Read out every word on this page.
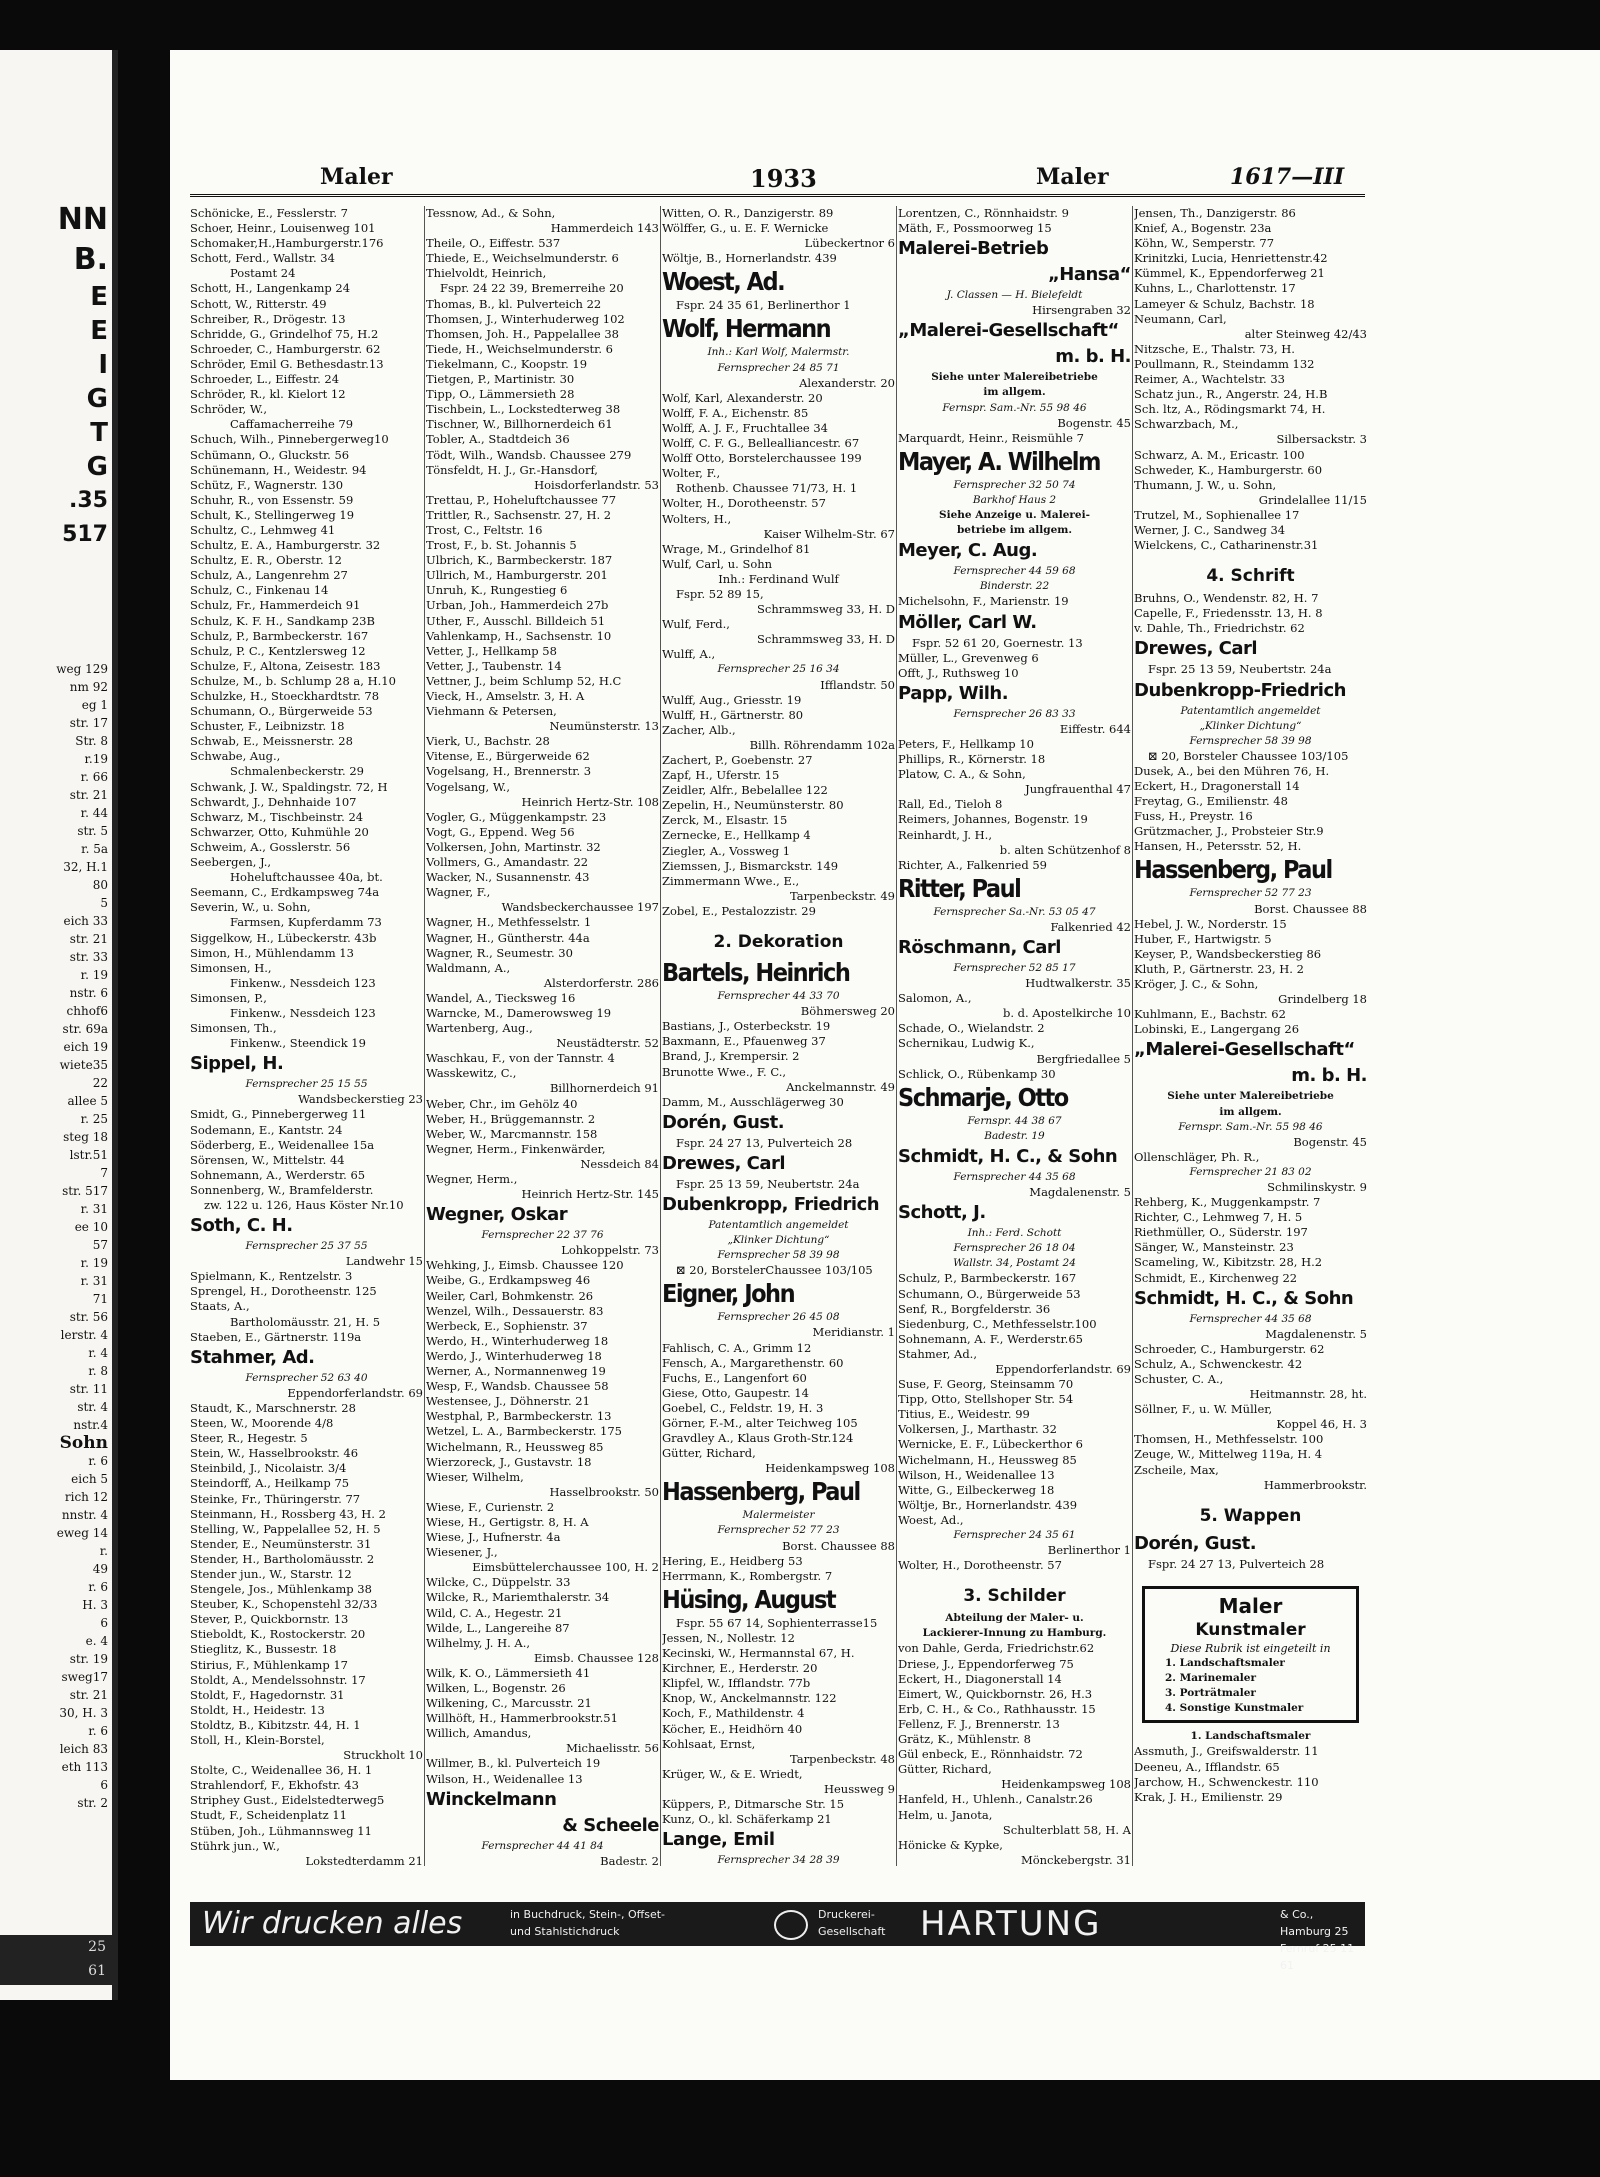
NN
B.
E
E
I
G
T
G
.35
517
weg 129
nm 92
eg 1
str. 17
Str. 8
r.19
r. 66
str. 21
r. 44
str. 5
r. 5a
32, H.1
80
5
eich 33
str. 21
str. 33
r. 19
nstr. 6
chhof6
str. 69a
eich 19
wiete35
22
allee 5
r. 25
steg 18
lstr.51
7
str. 517
r. 31
ee 10
57
r. 19
r. 31
71
str. 56
lerstr. 4
r. 4
r. 8
str. 11
str. 4
nstr.4
Sohn
r. 6
eich 5
rich 12
nnstr. 4
eweg 14
r.
49
r. 6
H. 3
6
e. 4
str. 19
sweg17
str. 21
30, H. 3
r. 6
leich 83
eth 113
6
str. 2
25
61
Maler	1933	Maler	1617—III
Schönicke, E., Fesslerstr. 7
Schoer, Heinr., Louisenweg 101
Schomaker,H.,Hamburgerstr.176
Schott, Ferd., Wallstr. 34
Postamt 24
Schott, H., Langenkamp 24
Schott, W., Ritterstr. 49
Schreiber, R., Drögestr. 13
Schridde, G., Grindelhof 75, H.2
Schroeder, C., Hamburgerstr. 62
Schröder, Emil G. Bethesdastr.13
Schroeder, L., Eiffestr. 24
Schröder, R., kl. Kielort 12
Schröder, W.,
Caffamacherreihe 79
Schuch, Wilh., Pinnebergerweg10
Schümann, O., Gluckstr. 56
Schünemann, H., Weidestr. 94
Schütz, F., Wagnerstr. 130
Schuhr, R., von Essenstr. 59
Schult, K., Stellingerweg 19
Schultz, C., Lehmweg 41
Schultz, E. A., Hamburgerstr. 32
Schultz, E. R., Oberstr. 12
Schulz, A., Langenrehm 27
Schulz, C., Finkenau 14
Schulz, Fr., Hammerdeich 91
Schulz, K. F. H., Sandkamp 23B
Schulz, P., Barmbeckerstr. 167
Schulz, P. C., Kentzlersweg 12
Schulze, F., Altona, Zeisestr. 183
Schulze, M., b. Schlump 28 a, H.10
Schulzke, H., Stoeckhardtstr. 78
Schumann, O., Bürgerweide 53
Schuster, F., Leibnizstr. 18
Schwab, E., Meissnerstr. 28
Schwabe, Aug.,
Schmalenbeckerstr. 29
Schwank, J. W., Spaldingstr. 72, H
Schwardt, J., Dehnhaide 107
Schwarz, M., Tischbeinstr. 24
Schwarzer, Otto, Kuhmühle 20
Schweim, A., Gosslerstr. 56
Seebergen, J.,
Hoheluftchaussee 40a, bt.
Seemann, C., Erdkampsweg 74a
Severin, W., u. Sohn,
Farmsen, Kupferdamm 73
Siggelkow, H., Lübeckerstr. 43b
Simon, H., Mühlendamm 13
Simonsen, H.,
Finkenw., Nessdeich 123
Simonsen, P.,
Finkenw., Nessdeich 123
Simonsen, Th.,
Finkenw., Steendick 19
Sippel, H.
Fernsprecher 25 15 55
Wandsbeckerstieg 23
Smidt, G., Pinnebergerweg 11
Sodemann, E., Kantstr. 24
Söderberg, E., Weidenallee 15a
Sörensen, W., Mittelstr. 44
Sohnemann, A., Werderstr. 65
Sonnenberg, W., Bramfelderstr.
zw. 122 u. 126, Haus Köster Nr.10
Soth, C. H.
Fernsprecher 25 37 55
Landwehr 15
Spielmann, K., Rentzelstr. 3
Sprengel, H., Dorotheenstr. 125
Staats, A.,
Bartholomäusstr. 21, H. 5
Staeben, E., Gärtnerstr. 119a
Stahmer, Ad.
Fernsprecher 52 63 40
Eppendorferlandstr. 69
Staudt, K., Marschnerstr. 28
Steen, W., Moorende 4/8
Steer, R., Hegestr. 5
Stein, W., Hasselbrookstr. 46
Steinbild, J., Nicolaistr. 3/4
Steindorff, A., Heilkamp 75
Steinke, Fr., Thüringerstr. 77
Steinmann, H., Rossberg 43, H. 2
Stelling, W., Pappelallee 52, H. 5
Stender, E., Neumünsterstr. 31
Stender, H., Bartholomäusstr. 2
Stender jun., W., Starstr. 12
Stengele, Jos., Mühlenkamp 38
Steuber, K., Schopenstehl 32/33
Stever, P., Quickbornstr. 13
Stieboldt, K., Rostockerstr. 20
Stieglitz, K., Bussestr. 18
Stirius, F., Mühlenkamp 17
Stoldt, A., Mendelssohnstr. 17
Stoldt, F., Hagedornstr. 31
Stoldt, H., Heidestr. 13
Stoldtz, B., Kibitzstr. 44, H. 1
Stoll, H., Klein-Borstel,
Struckholt 10
Stolte, C., Weidenallee 36, H. 1
Strahlendorf, F., Ekhofstr. 43
Striphey Gust., Eidelstedterweg5
Studt, F., Scheidenplatz 11
Stüben, Joh., Lühmannsweg 11
Stührk jun., W.,
Lokstedterdamm 21
Tessnow, Ad., & Sohn,
Hammerdeich 143
Theile, O., Eiffestr. 537
Thiede, E., Weichselmunderstr. 6
Thielvoldt, Heinrich,
Fspr. 24 22 39, Bremerreihe 20
Thomas, B., kl. Pulverteich 22
Thomsen, J., Winterhuderweg 102
Thomsen, Joh. H., Pappelallee 38
Tiede, H., Weichselmunderstr. 6
Tiekelmann, C., Koopstr. 19
Tietgen, P., Martinistr. 30
Tipp, O., Lämmersieth 28
Tischbein, L., Lockstedterweg 38
Tischner, W., Billhornerdeich 61
Tobler, A., Stadtdeich 36
Tödt, Wilh., Wandsb. Chaussee 279
Tönsfeldt, H. J., Gr.-Hansdorf,
Hoisdorferlandstr. 53
Trettau, P., Hoheluftchaussee 77
Trittler, R., Sachsenstr. 27, H. 2
Trost, C., Feltstr. 16
Trost, F., b. St. Johannis 5
Ulbrich, K., Barmbeckerstr. 187
Ullrich, M., Hamburgerstr. 201
Unruh, K., Rungestieg 6
Urban, Joh., Hammerdeich 27b
Uther, F., Ausschl. Billdeich 51
Vahlenkamp, H., Sachsenstr. 10
Vetter, J., Hellkamp 58
Vetter, J., Taubenstr. 14
Vettner, J., beim Schlump 52, H.C
Vieck, H., Amselstr. 3, H. A
Viehmann & Petersen,
Neumünsterstr. 13
Vierk, U., Bachstr. 28
Vitense, E., Bürgerweide 62
Vogelsang, H., Brennerstr. 3
Vogelsang, W.,
Heinrich Hertz-Str. 108
Vogler, G., Müggenkampstr. 23
Vogt, G., Eppend. Weg 56
Volkersen, John, Martinstr. 32
Vollmers, G., Amandastr. 22
Wacker, N., Susannenstr. 43
Wagner, F.,
Wandsbeckerchaussee 197
Wagner, H., Methfesselstr. 1
Wagner, H., Güntherstr. 44a
Wagner, R., Seumestr. 30
Waldmann, A.,
Alsterdorferstr. 286
Wandel, A., Tiecksweg 16
Warncke, M., Damerowsweg 19
Wartenberg, Aug.,
Neustädterstr. 52
Waschkau, F., von der Tannstr. 4
Wasskewitz, C.,
Billhornerdeich 91
Weber, Chr., im Gehölz 40
Weber, H., Brüggemannstr. 2
Weber, W., Marcmannstr. 158
Wegner, Herm., Finkenwärder,
Nessdeich 84
Wegner, Herm.,
Heinrich Hertz-Str. 145
Wegner, Oskar
Fernsprecher 22 37 76
Lohkoppelstr. 73
Wehking, J., Eimsb. Chaussee 120
Weibe, G., Erdkampsweg 46
Weiler, Carl, Bohmkenstr. 26
Wenzel, Wilh., Dessauerstr. 83
Werbeck, E., Sophienstr. 37
Werdo, H., Winterhuderweg 18
Werdo, J., Winterhuderweg 18
Werner, A., Normannenweg 19
Wesp, F., Wandsb. Chaussee 58
Westensee, J., Döhnerstr. 21
Westphal, P., Barmbeckerstr. 13
Wetzel, L. A., Barmbeckerstr. 175
Wichelmann, R., Heussweg 85
Wierzoreck, J., Gustavstr. 18
Wieser, Wilhelm,
Hasselbrookstr. 50
Wiese, F., Curienstr. 2
Wiese, H., Gertigstr. 8, H. A
Wiese, J., Hufnerstr. 4a
Wiesener, J.,
Eimsbüttelerchaussee 100, H. 2
Wilcke, C., Düppelstr. 33
Wilcke, R., Mariemthalerstr. 34
Wild, C. A., Hegestr. 21
Wilde, L., Langereihe 87
Wilhelmy, J. H. A.,
Eimsb. Chaussee 128
Wilk, K. O., Lämmersieth 41
Wilken, L., Bogenstr. 26
Wilkening, C., Marcusstr. 21
Willhöft, H., Hammerbrookstr.51
Willich, Amandus,
Michaelisstr. 56
Willmer, B., kl. Pulverteich 19
Wilson, H., Weidenallee 13
Winckelmann
& Scheele
Fernsprecher 44 41 84
Badestr. 2
Witten, O. R., Danzigerstr. 89
Wölffer, G., u. E. F. Wernicke
Lübeckertnor 6
Wöltje, B., Hornerlandstr. 439
Woest, Ad.
Fspr. 24 35 61, Berlinerthor 1
Wolf, Hermann
Inh.: Karl Wolf, Malermstr.
Fernsprecher 24 85 71
Alexanderstr. 20
Wolf, Karl, Alexanderstr. 20
Wolff, F. A., Eichenstr. 85
Wolff, A. J. F., Fruchtallee 34
Wolff, C. F. G., Bellealliancestr. 67
Wolff Otto, Borstelerchaussee 199
Wolter, F.,
Rothenb. Chaussee 71/73, H. 1
Wolter, H., Dorotheenstr. 57
Wolters, H.,
Kaiser Wilhelm-Str. 67
Wrage, M., Grindelhof 81
Wulf, Carl, u. Sohn
Inh.: Ferdinand Wulf
Fspr. 52 89 15,
Schrammsweg 33, H. D
Wulf, Ferd.,
Schrammsweg 33, H. D
Wulff, A.,
Fernsprecher 25 16 34
Ifflandstr. 50
Wulff, Aug., Griesstr. 19
Wulff, H., Gärtnerstr. 80
Zacher, Alb.,
Billh. Röhrendamm 102a
Zachert, P., Goebenstr. 27
Zapf, H., Uferstr. 15
Zeidler, Alfr., Bebelallee 122
Zepelin, H., Neumünsterstr. 80
Zerck, M., Elsastr. 15
Zernecke, E., Hellkamp 4
Ziegler, A., Vossweg 1
Ziemssen, J., Bismarckstr. 149
Zimmermann Wwe., E.,
Tarpenbeckstr. 49
Zobel, E., Pestalozzistr. 29
2. Dekoration
Bartels, Heinrich
Fernsprecher 44 33 70
Böhmersweg 20
Bastians, J., Osterbeckstr. 19
Baxmann, E., Pfauenweg 37
Brand, J., Krempersir. 2
Brunotte Wwe., F. C.,
Anckelmannstr. 49
Damm, M., Ausschlägerweg 30
Dorén, Gust.
Fspr. 24 27 13, Pulverteich 28
Drewes, Carl
Fspr. 25 13 59, Neubertstr. 24a
Dubenkropp, Friedrich
Patentamtlich angemeldet
„Klinker Dichtung“
Fernsprecher 58 39 98
⊠ 20, BorstelerChaussee 103/105
Eigner, John
Fernsprecher 26 45 08
Meridianstr. 1
Fahlisch, C. A., Grimm 12
Fensch, A., Margarethenstr. 60
Fuchs, E., Langenfort 60
Giese, Otto, Gaupestr. 14
Goebel, C., Feldstr. 19, H. 3
Görner, F.-M., alter Teichweg 105
Gravdley A., Klaus Groth-Str.124
Gütter, Richard,
Heidenkampsweg 108
Hassenberg, Paul
Malermeister
Fernsprecher 52 77 23
Borst. Chaussee 88
Hering, E., Heidberg 53
Herrmann, K., Rombergstr. 7
Hüsing, August
Fspr. 55 67 14, Sophienterrasse15
Jessen, N., Nollestr. 12
Kecinski, W., Hermannstal 67, H.
Kirchner, E., Herderstr. 20
Klipfel, W., Ifflandstr. 77b
Knop, W., Anckelmannstr. 122
Koch, F., Mathildenstr. 4
Köcher, E., Heidhörn 40
Kohlsaat, Ernst,
Tarpenbeckstr. 48
Krüger, W., & E. Wriedt,
Heussweg 9
Küppers, P., Ditmarsche Str. 15
Kunz, O., kl. Schäferkamp 21
Lange, Emil
Fernsprecher 34 28 39
Lorentzen, C., Rönnhaidstr. 9
Mäth, F., Possmoorweg 15
Malerei-Betrieb
„Hansa“
J. Classen — H. Bielefeldt
Hirsengraben 32
„Malerei-Gesellschaft“
m. b. H.
Siehe unter Malereibetriebe
im allgem.
Fernspr. Sam.-Nr. 55 98 46
Bogenstr. 45
Marquardt, Heinr., Reismühle 7
Mayer, A. Wilhelm
Fernsprecher 32 50 74
Barkhof Haus 2
Siehe Anzeige u. Malerei-
betriebe im allgem.
Meyer, C. Aug.
Fernsprecher 44 59 68
Binderstr. 22
Michelsohn, F., Marienstr. 19
Möller, Carl W.
Fspr. 52 61 20, Goernestr. 13
Müller, L., Grevenweg 6
Offt, J., Ruthsweg 10
Papp, Wilh.
Fernsprecher 26 83 33
Eiffestr. 644
Peters, F., Hellkamp 10
Phillips, R., Körnerstr. 18
Platow, C. A., & Sohn,
Jungfrauenthal 47
Rall, Ed., Tieloh 8
Reimers, Johannes, Bogenstr. 19
Reinhardt, J. H.,
b. alten Schützenhof 8
Richter, A., Falkenried 59
Ritter, Paul
Fernsprecher Sa.-Nr. 53 05 47
Falkenried 42
Röschmann, Carl
Fernsprecher 52 85 17
Hudtwalkerstr. 35
Salomon, A.,
b. d. Apostelkirche 10
Schade, O., Wielandstr. 2
Schernikau, Ludwig K.,
Bergfriedallee 5
Schlick, O., Rübenkamp 30
Schmarje, Otto
Fernspr. 44 38 67
Badestr. 19
Schmidt, H. C., & Sohn
Fernsprecher 44 35 68
Magdalenenstr. 5
Schott, J.
Inh.: Ferd. Schott
Fernsprecher 26 18 04
Wallstr. 34, Postamt 24
Schulz, P., Barmbeckerstr. 167
Schumann, O., Bürgerweide 53
Senf, R., Borgfelderstr. 36
Siedenburg, C., Methfesselstr.100
Sohnemann, A. F., Werderstr.65
Stahmer, Ad.,
Eppendorferlandstr. 69
Suse, F. Georg, Steinsamm 70
Tipp, Otto, Stellshoper Str. 54
Titius, E., Weidestr. 99
Volkersen, J., Marthastr. 32
Wernicke, E. F., Lübeckerthor 6
Wichelmann, H., Heussweg 85
Wilson, H., Weidenallee 13
Witte, G., Eilbeckerweg 18
Wöltje, Br., Hornerlandstr. 439
Woest, Ad.,
Fernsprecher 24 35 61
Berlinerthor 1
Wolter, H., Dorotheenstr. 57
3. Schilder
Abteilung der Maler- u.
Lackierer-Innung zu Hamburg.
von Dahle, Gerda, Friedrichstr.62
Driese, J., Eppendorferweg 75
Eckert, H., Diagonerstall 14
Eimert, W., Quickbornstr. 26, H.3
Erb, C. H., & Co., Rathhausstr. 15
Fellenz, F. J., Brennerstr. 13
Grätz, K., Mühlenstr. 8
Gül enbeck, E., Rönnhaidstr. 72
Gütter, Richard,
Heidenkampsweg 108
Hanfeld, H., Uhlenh., Canalstr.26
Helm, u. Janota,
Schulterblatt 58, H. A
Hönicke & Kypke,
Mönckebergstr. 31
Jensen, Th., Danzigerstr. 86
Knief, A., Bogenstr. 23a
Köhn, W., Semperstr. 77
Krinitzki, Lucia, Henriettenstr.42
Kümmel, K., Eppendorferweg 21
Kuhns, L., Charlottenstr. 17
Lameyer & Schulz, Bachstr. 18
Neumann, Carl,
alter Steinweg 42/43
Nitzsche, E., Thalstr. 73, H.
Poullmann, R., Steindamm 132
Reimer, A., Wachtelstr. 33
Schatz jun., R., Angerstr. 24, H.B
Sch. ltz, A., Rödingsmarkt 74, H.
Schwarzbach, M.,
Silbersackstr. 3
Schwarz, A. M., Ericastr. 100
Schweder, K., Hamburgerstr. 60
Thumann, J. W., u. Sohn,
Grindelallee 11/15
Trutzel, M., Sophienallee 17
Werner, J. C., Sandweg 34
Wielckens, C., Catharinenstr.31
4. Schrift
Bruhns, O., Wendenstr. 82, H. 7
Capelle, F., Friedensstr. 13, H. 8
v. Dahle, Th., Friedrichstr. 62
Drewes, Carl
Fspr. 25 13 59, Neubertstr. 24a
Dubenkropp-Friedrich
Patentamtlich angemeldet
„Klinker Dichtung“
Fernsprecher 58 39 98
⊠ 20, Borsteler Chaussee 103/105
Dusek, A., bei den Mühren 76, H.
Eckert, H., Dragonerstall 14
Freytag, G., Emilienstr. 48
Fuss, H., Preystr. 16
Grützmacher, J., Probsteier Str.9
Hansen, H., Petersstr. 52, H.
Hassenberg, Paul
Fernsprecher 52 77 23
Borst. Chaussee 88
Hebel, J. W., Norderstr. 15
Huber, F., Hartwigstr. 5
Keyser, P., Wandsbeckerstieg 86
Kluth, P., Gärtnerstr. 23, H. 2
Kröger, J. C., & Sohn,
Grindelberg 18
Kuhlmann, E., Bachstr. 62
Lobinski, E., Langergang 26
„Malerei-Gesellschaft“
m. b. H.
Siehe unter Malereibetriebe
im allgem.
Fernspr. Sam.-Nr. 55 98 46
Bogenstr. 45
Ollenschläger, Ph. R.,
Fernsprecher 21 83 02
Schmilinskystr. 9
Rehberg, K., Muggenkampstr. 7
Richter, C., Lehmweg 7, H. 5
Riethmüller, O., Süderstr. 197
Sänger, W., Mansteinstr. 23
Scameling, W., Kibitzstr. 28, H.2
Schmidt, E., Kirchenweg 22
Schmidt, H. C., & Sohn
Fernsprecher 44 35 68
Magdalenenstr. 5
Schroeder, C., Hamburgerstr. 62
Schulz, A., Schwenckestr. 42
Schuster, C. A.,
Heitmannstr. 28, ht.
Söllner, F., u. W. Müller,
Koppel 46, H. 3
Thomsen, H., Methfesselstr. 100
Zeuge, W., Mittelweg 119a, H. 4
Zscheile, Max,
Hammerbrookstr.
5. Wappen
Dorén, Gust.
Fspr. 24 27 13, Pulverteich 28
Maler
Kunstmaler
Diese Rubrik ist eingeteilt in
1. Landschaftsmaler
2. Marinemaler
3. Porträtmaler
4. Sonstige Kunstmaler
1. Landschaftsmaler
Assmuth, J., Greifswalderstr. 11
Deeneu, A., Ifflandstr. 65
Jarchow, H., Schwenckestr. 110
Krak, J. H., Emilienstr. 29
Wir drucken alles	in Buchdruck, Stein-, Offset-
und Stahlstichdruck
Druckerei-
Gesellschaft HARTUNG	& Co., Hamburg 25
Fernruf 25 11 61
